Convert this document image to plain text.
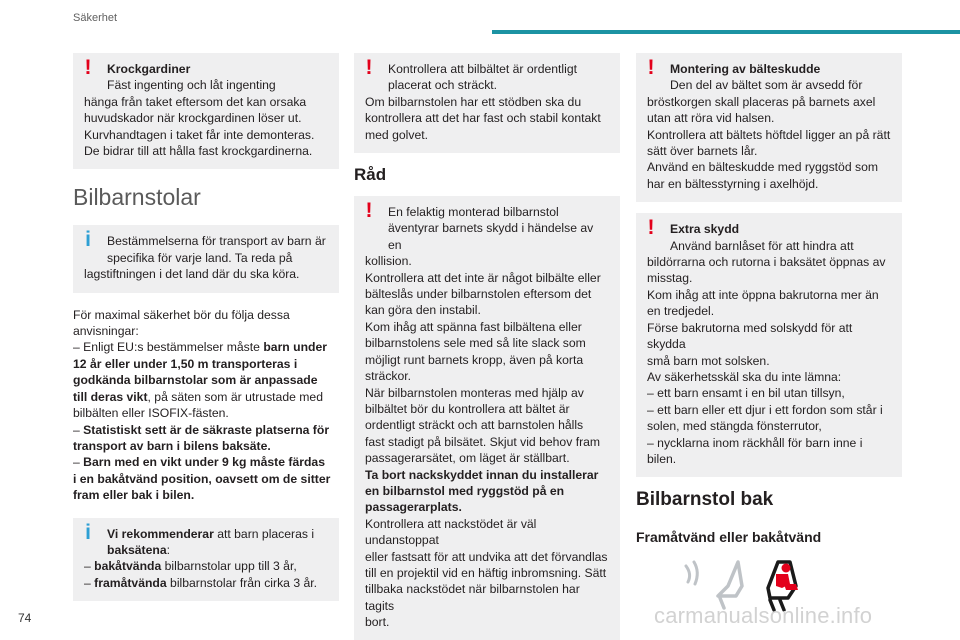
Säkerhet
!	Krockgardiner
Fäst ingenting och låt ingenting
hänga från taket eftersom det kan orsaka
huvudskador när krockgardinen löser ut.
Kurvhandtagen i taket får inte demonteras.
De bidrar till att hålla fast krockgardinerna.
Bilbarnstolar
i	Bestämmelserna för transport av barn är
specifika för varje land. Ta reda på
lagstiftningen i det land där du ska köra.
För maximal säkerhet bör du följa dessa
anvisningar:
– Enligt EU:s bestämmelser måste barn under
12 år eller under 1,50 m transporteras i
godkända bilbarnstolar som är anpassade
till deras vikt, på säten som är utrustade med
bilbälten eller ISOFIX-fästen.
– Statistiskt sett är de säkraste platserna för
transport av barn i bilens baksäte.
– Barn med en vikt under 9 kg måste färdas
i en bakåtvänd position, oavsett om de sitter
fram eller bak i bilen.
i	Vi rekommenderar att barn placeras i
baksätena:
– bakåtvända bilbarnstolar upp till 3 år,
– framåtvända bilbarnstolar från cirka 3 år.
!	Kontrollera att bilbältet är ordentligt
placerat och sträckt.
Om bilbarnstolen har ett stödben ska du
kontrollera att det har fast och stabil kontakt
med golvet.
Råd
!	En felaktig monterad bilbarnstol
äventyrar barnets skydd i händelse av en
kollision.
Kontrollera att det inte är något bilbälte eller
bälteslås under bilbarnstolen eftersom det
kan göra den instabil.
Kom ihåg att spänna fast bilbältena eller
bilbarnstolens sele med så lite slack som
möjligt runt barnets kropp, även på korta
sträckor.
När bilbarnstolen monteras med hjälp av
bilbältet bör du kontrollera att bältet är
ordentligt sträckt och att barnstolen hålls
fast stadigt på bilsätet. Skjut vid behov fram
passagerarsätet, om läget är ställbart.
Ta bort nackskyddet innan du installerar
en bilbarnstol med ryggstöd på en
passagerarplats.
Kontrollera att nackstödet är väl undanstoppat
eller fastsatt för att undvika att det förvandlas
till en projektil vid en häftig inbromsning. Sätt
tillbaka nackstödet när bilbarnstolen har tagits
bort.
!	Montering av bälteskudde
Den del av bältet som är avsedd för
bröstkorgen skall placeras på barnets axel
utan att röra vid halsen.
Kontrollera att bältets höftdel ligger an på rätt
sätt över barnets lår.
Använd en bälteskudde med ryggstöd som
har en bältesstyrning i axelhöjd.
!	Extra skydd
Använd barnlåset för att hindra att
bildörrarna och rutorna i baksätet öppnas av
misstag.
Kom ihåg att inte öppna bakrutorna mer än
en tredjedel.
Förse bakrutorna med solskydd för att skydda
små barn mot solsken.
Av säkerhetsskäl ska du inte lämna:
– ett barn ensamt i en bil utan tillsyn,
– ett barn eller ett djur i ett fordon som står i
solen, med stängda fönsterrutor,
– nycklarna inom räckhåll för barn inne i
bilen.
Bilbarnstol bak
Framåtvänd eller bakåtvänd
74	carmanualsonline.info
